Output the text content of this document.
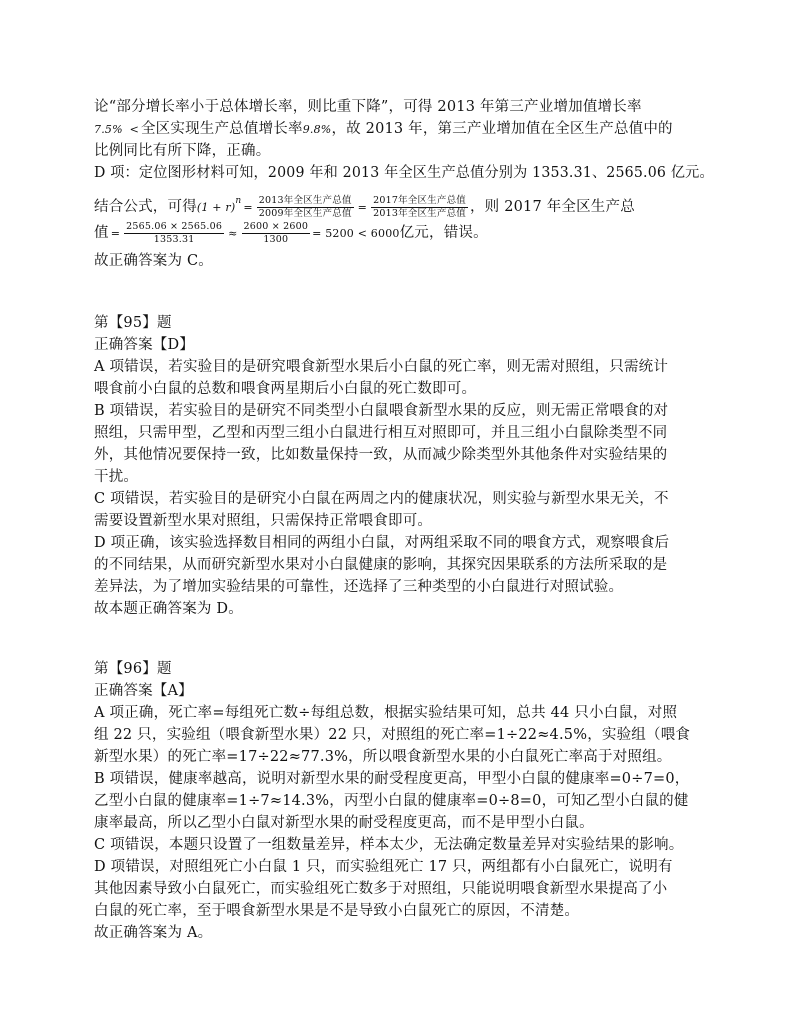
论“部分增长率小于总体增长率，则比重下降”，可得 2013 年第三产业增加值增长率
7.5% < 全区实现生产总值增长率9.8%，故 2013 年，第三产业增加值在全区生产总值中的
比例同比有所下降，正确。
D 项：定位图形材料可知，2009 年和 2013 年全区生产总值分别为 1353.31、2565.06 亿元。
结合公式，可得$(1 + r)^n = \frac{\text{2013年全区生产总值}}{\text{2009年全区生产总值}} = \frac{\text{2017年全区生产总值}}{\text{2013年全区生产总值}}$ ，则 2017 年全区生产总
值 = $\frac{2565.06 \times 2565.06}{1353.31} \approx \frac{2600 \times 2600}{1300} = 5200 < 6000$亿元，错误。
故正确答案为 C。
第【95】题
正确答案【D】
A 项错误，若实验目的是研究喂食新型水果后小白鼠的死亡率，则无需对照组，只需统计
喂食前小白鼠的总数和喂食两星期后小白鼠的死亡数即可。
B 项错误，若实验目的是研究不同类型小白鼠喂食新型水果的反应，则无需正常喂食的对
照组，只需甲型，乙型和丙型三组小白鼠进行相互对照即可，并且三组小白鼠除类型不同
外，其他情况要保持一致，比如数量保持一致，从而减少除类型外其他条件对实验结果的
干扰。
C 项错误，若实验目的是研究小白鼠在两周之内的健康状况，则实验与新型水果无关，不
需要设置新型水果对照组，只需保持正常喂食即可。
D 项正确，该实验选择数目相同的两组小白鼠，对两组采取不同的喂食方式，观察喂食后
的不同结果，从而研究新型水果对小白鼠健康的影响，其探究因果联系的方法所采取的是
差异法，为了增加实验结果的可靠性，还选择了三种类型的小白鼠进行对照试验。
故本题正确答案为 D。
第【96】题
正确答案【A】
A 项正确，死亡率=每组死亡数÷每组总数，根据实验结果可知，总共 44 只小白鼠，对照
组 22 只，实验组（喂食新型水果）22 只，对照组的死亡率=1÷22≈4.5%，实验组（喂食
新型水果）的死亡率=17÷22≈77.3%，所以喂食新型水果的小白鼠死亡率高于对照组。
B 项错误，健康率越高，说明对新型水果的耐受程度更高，甲型小白鼠的健康率=0÷7=0，
乙型小白鼠的健康率=1÷7≈14.3%，丙型小白鼠的健康率=0÷8=0，可知乙型小白鼠的健
康率最高，所以乙型小白鼠对新型水果的耐受程度更高，而不是甲型小白鼠。
C 项错误，本题只设置了一组数量差异，样本太少，无法确定数量差异对实验结果的影响。
D 项错误，对照组死亡小白鼠 1 只，而实验组死亡 17 只，两组都有小白鼠死亡，说明有
其他因素导致小白鼠死亡，而实验组死亡数多于对照组，只能说明喂食新型水果提高了小
白鼠的死亡率，至于喂食新型水果是不是导致小白鼠死亡的原因，不清楚。
故正确答案为 A。
